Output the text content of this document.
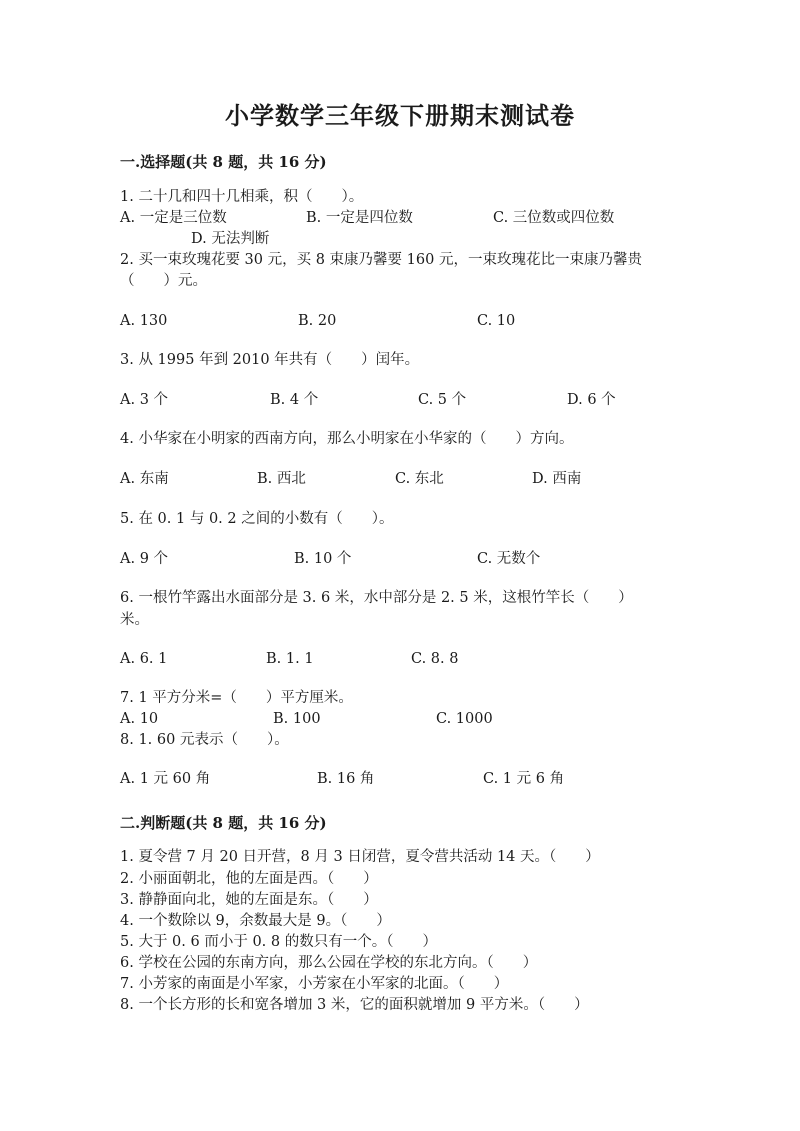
小学数学三年级下册期末测试卷
一.选择题(共 8 题，共 16 分)
1. 二十几和四十几相乘，积（　　）。
A. 一定是三位数	B. 一定是四位数	C. 三位数或四位数
D. 无法判断
2. 买一束玫瑰花要 30 元，买 8 束康乃馨要 160 元，一束玫瑰花比一束康乃馨贵
（　　）元。
A. 130	B. 20	C. 10
3. 从 1995 年到 2010 年共有（　　）闰年。
A. 3 个	B. 4 个	C. 5 个	D. 6 个
4. 小华家在小明家的西南方向，那么小明家在小华家的（　　）方向。
A. 东南	B. 西北	C. 东北	D. 西南
5. 在 0. 1 与 0. 2 之间的小数有（　　）。
A. 9 个	B. 10 个	C. 无数个
6. 一根竹竿露出水面部分是 3. 6 米，水中部分是 2. 5 米，这根竹竿长（　　）
米。
A. 6. 1	B. 1. 1	C. 8. 8
7. 1 平方分米=（　　）平方厘米。
A. 10	B. 100	C. 1000
8. 1. 60 元表示（　　）。
A. 1 元 60 角	B. 16 角	C. 1 元 6 角
二.判断题(共 8 题，共 16 分)
1. 夏令营 7 月 20 日开营，8 月 3 日闭营，夏令营共活动 14 天。（　　）
2. 小丽面朝北，他的左面是西。（　　）
3. 静静面向北，她的左面是东。（　　）
4. 一个数除以 9，余数最大是 9。（　　）
5. 大于 0. 6 而小于 0. 8 的数只有一个。（　　）
6. 学校在公园的东南方向，那么公园在学校的东北方向。（　　）
7. 小芳家的南面是小军家，小芳家在小军家的北面。（　　）
8. 一个长方形的长和宽各增加 3 米，它的面积就增加 9 平方米。（　　）
